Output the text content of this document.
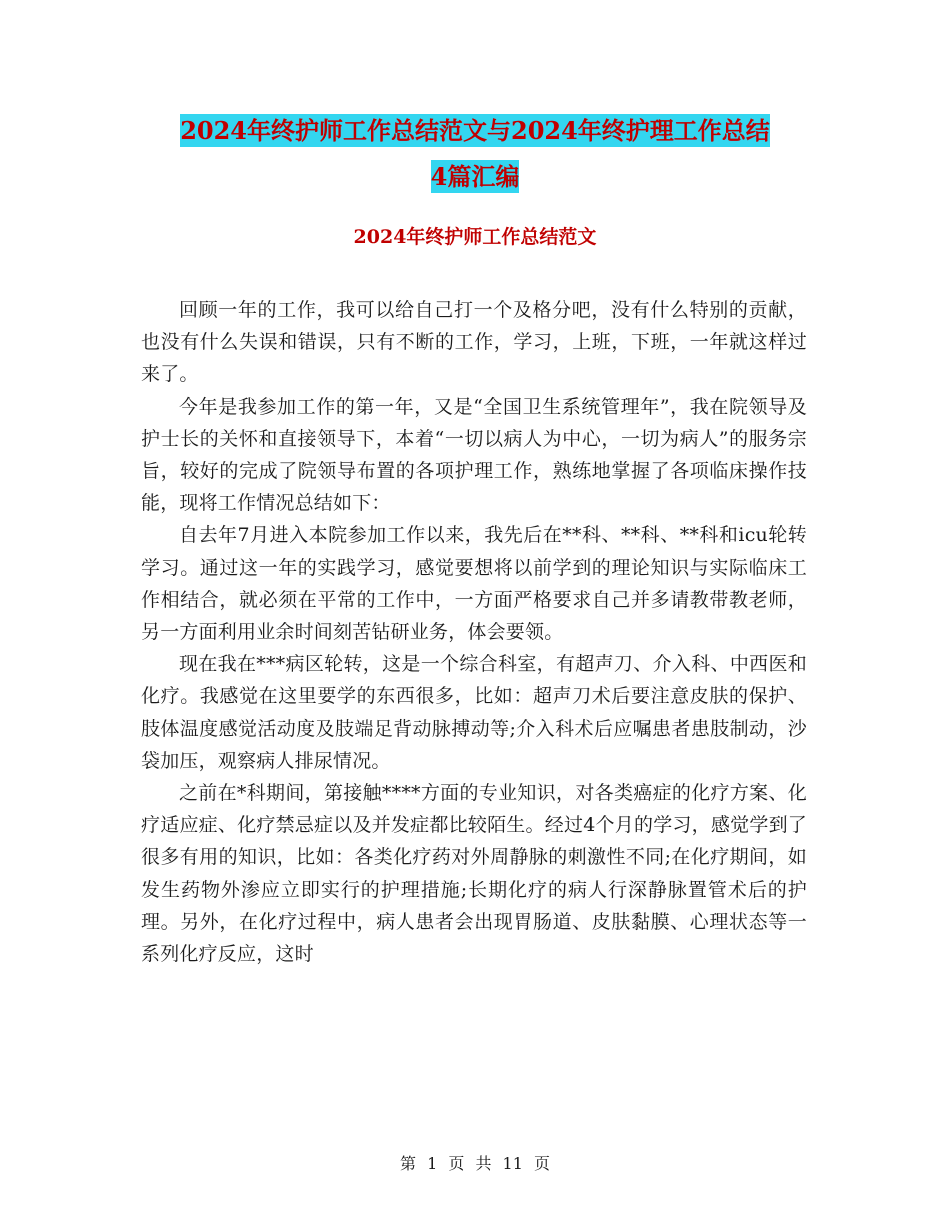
2024年终护师工作总结范文与2024年终护理工作总结
4篇汇编
2024年终护师工作总结范文

回顾一年的工作，我可以给自己打一个及格分吧，没有什么特别的贡献，也没有什么失误和错误，只有不断的工作，学习，上班，下班，一年就这样过来了。

今年是我参加工作的第一年，又是“全国卫生系统管理年”，我在院领导及护士长的关怀和直接领导下，本着“一切以病人为中心，一切为病人”的服务宗旨，较好的完成了院领导布置的各项护理工作，熟练地掌握了各项临床操作技能，现将工作情况总结如下：

自去年7月进入本院参加工作以来，我先后在**科、**科、**科和icu轮转学习。通过这一年的实践学习，感觉要想将以前学到的理论知识与实际临床工作相结合，就必须在平常的工作中，一方面严格要求自己并多请教带教老师，另一方面利用业余时间刻苦钻研业务，体会要领。

现在我在***病区轮转，这是一个综合科室，有超声刀、介入科、中西医和化疗。我感觉在这里要学的东西很多，比如：超声刀术后要注意皮肤的保护、肢体温度感觉活动度及肢端足背动脉搏动等;介入科术后应嘱患者患肢制动，沙袋加压，观察病人排尿情况。

之前在*科期间，第接触****方面的专业知识，对各类癌症的化疗方案、化疗适应症、化疗禁忌症以及并发症都比较陌生。经过4个月的学习，感觉学到了很多有用的知识，比如：各类化疗药对外周静脉的刺激性不同;在化疗期间，如发生药物外渗应立即实行的护理措施;长期化疗的病人行深静脉置管术后的护理。另外，在化疗过程中，病人患者会出现胃肠道、皮肤黏膜、心理状态等一系列化疗反应，这时

第 1 页 共 11 页
